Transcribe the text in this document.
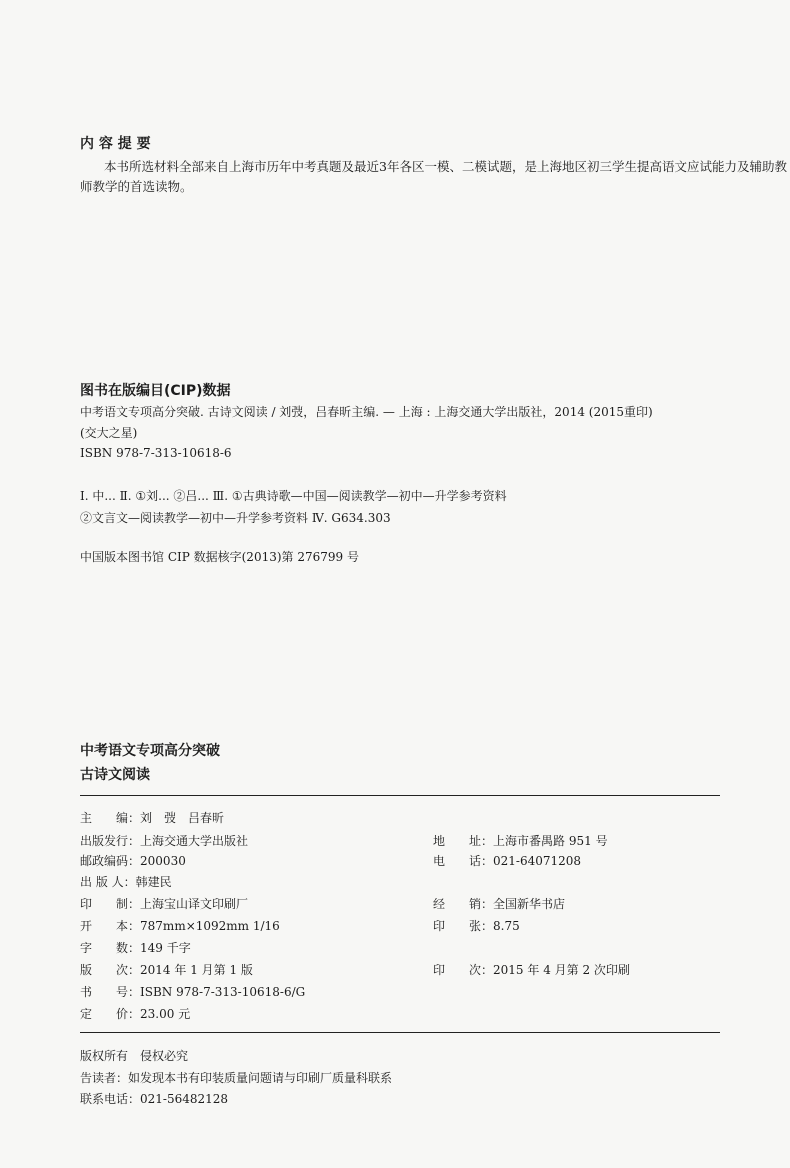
内 容 提 要
本书所选材料全部来自上海市历年中考真题及最近3年各区一模、二模试题，是上海地区初三学生提高语文应试能力及辅助教
师教学的首选读物。
图书在版编目(CIP)数据
中考语文专项高分突破. 古诗文阅读 / 刘弢，吕春昕主编. — 上海 : 上海交通大学出版社，2014 (2015重印)
(交大之星)
ISBN 978-7-313-10618-6
Ⅰ. 中... Ⅱ. ①刘... ②吕... Ⅲ. ①古典诗歌—中国—阅读教学—初中—升学参考资料
②文言文—阅读教学—初中—升学参考资料 Ⅳ. G634.303
中国版本图书馆 CIP 数据核字(2013)第 276799 号
中考语文专项高分突破
古诗文阅读
主　　编：刘　弢　吕春昕
出版发行：上海交通大学出版社
邮政编码：200030
出 版 人：韩建民
印　　制：上海宝山译文印刷厂
开　　本：787mm×1092mm 1/16
字　　数：149 千字
版　　次：2014 年 1 月第 1 版
书　　号：ISBN 978-7-313-10618-6/G
定　　价：23.00 元
地　　址：上海市番禺路 951 号
电　　话：021-64071208
经　　销：全国新华书店
印　　张：8.75
印　　次：2015 年 4 月第 2 次印刷
版权所有　侵权必究
告读者：如发现本书有印装质量问题请与印刷厂质量科联系
联系电话：021-56482128
